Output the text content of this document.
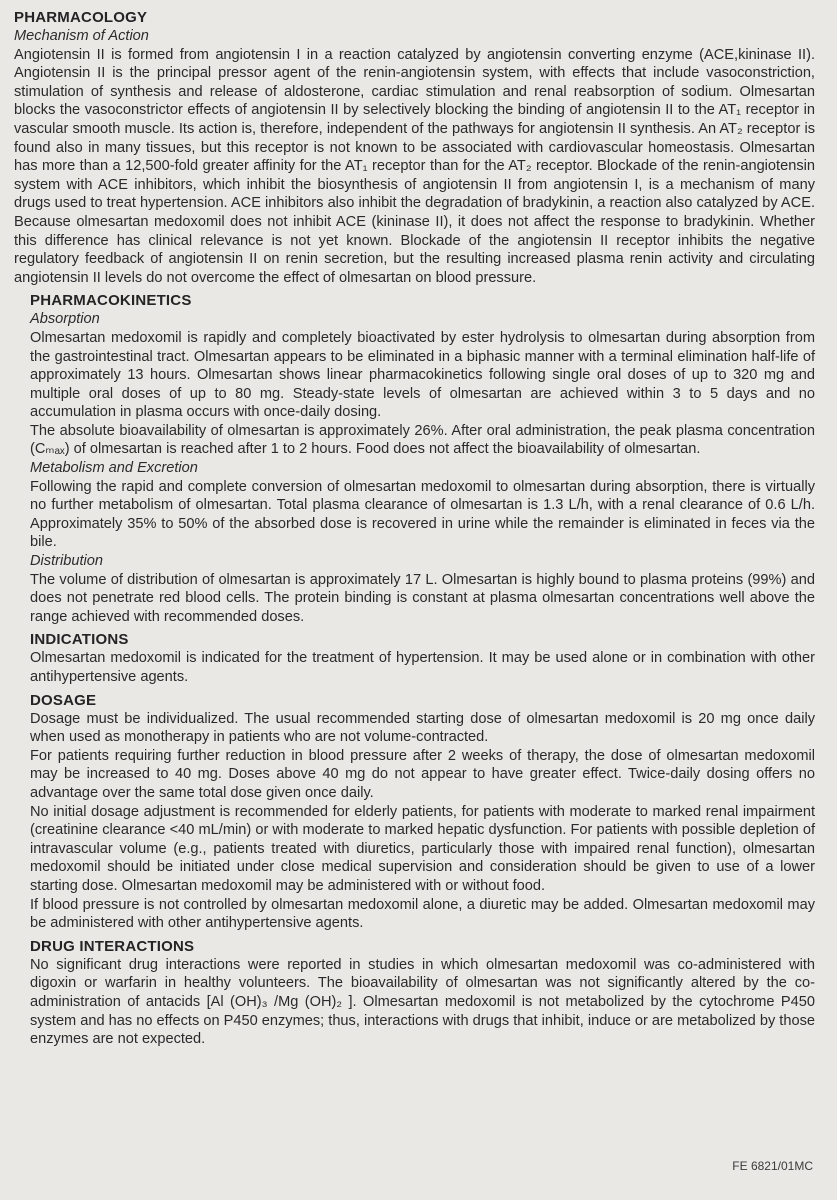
PHARMACOLOGY
Mechanism of Action

Angiotensin II is formed from angiotensin I in a reaction catalyzed by angiotensin converting enzyme (ACE,kininase II). Angiotensin II is the principal pressor agent of the renin-angiotensin system, with effects that include vasoconstriction, stimulation of synthesis and release of aldosterone, cardiac stimulation and renal reabsorption of sodium. Olmesartan blocks the vasoconstrictor effects of angiotensin II by selectively blocking the binding of angiotensin II to the AT₁ receptor in vascular smooth muscle. Its action is, therefore, independent of the pathways for angiotensin II synthesis. An AT₂ receptor is found also in many tissues, but this receptor is not known to be associated with cardiovascular homeostasis. Olmesartan has more than a 12,500-fold greater affinity for the AT₁ receptor than for the AT₂ receptor. Blockade of the renin-angiotensin system with ACE inhibitors, which inhibit the biosynthesis of angiotensin II from angiotensin I, is a mechanism of many drugs used to treat hypertension. ACE inhibitors also inhibit the degradation of bradykinin, a reaction also catalyzed by ACE. Because olmesartan medoxomil does not inhibit ACE (kininase II), it does not affect the response to bradykinin. Whether this difference has clinical relevance is not yet known. Blockade of the angiotensin II receptor inhibits the negative regulatory feedback of angiotensin II on renin secretion, but the resulting increased plasma renin activity and circulating angiotensin II levels do not overcome the effect of olmesartan on blood pressure.

PHARMACOKINETICS
Absorption

Olmesartan medoxomil is rapidly and completely bioactivated by ester hydrolysis to olmesartan during absorption from the gastrointestinal tract. Olmesartan appears to be eliminated in a biphasic manner with a terminal elimination half-life of approximately 13 hours. Olmesartan shows linear pharmacokinetics following single oral doses of up to 320 mg and multiple oral doses of up to 80 mg. Steady-state levels of olmesartan are achieved within 3 to 5 days and no accumulation in plasma occurs with once-daily dosing.

The absolute bioavailability of olmesartan is approximately 26%. After oral administration, the peak plasma concentration (Cₘₐₓ) of olmesartan is reached after 1 to 2 hours. Food does not affect the bioavailability of olmesartan.

Metabolism and Excretion

Following the rapid and complete conversion of olmesartan medoxomil to olmesartan during absorption, there is virtually no further metabolism of olmesartan. Total plasma clearance of olmesartan is 1.3 L/h, with a renal clearance of 0.6 L/h. Approximately 35% to 50% of the absorbed dose is recovered in urine while the remainder is eliminated in feces via the bile.

Distribution

The volume of distribution of olmesartan is approximately 17 L. Olmesartan is highly bound to plasma proteins (99%) and does not penetrate red blood cells. The protein binding is constant at plasma olmesartan concentrations well above the range achieved with recommended doses.

INDICATIONS

Olmesartan medoxomil is indicated for the treatment of hypertension. It may be used alone or in combination with other antihypertensive agents.

DOSAGE

Dosage must be individualized. The usual recommended starting dose of olmesartan medoxomil is 20 mg once daily when used as monotherapy in patients who are not volume-contracted.

For patients requiring further reduction in blood pressure after 2 weeks of therapy, the dose of olmesartan medoxomil may be increased to 40 mg. Doses above 40 mg do not appear to have greater effect. Twice-daily dosing offers no advantage over the same total dose given once daily.

No initial dosage adjustment is recommended for elderly patients, for patients with moderate to marked renal impairment (creatinine clearance <40 mL/min) or with moderate to marked hepatic dysfunction. For patients with possible depletion of intravascular volume (e.g., patients treated with diuretics, particularly those with impaired renal function), olmesartan medoxomil should be initiated under close medical supervision and consideration should be given to use of a lower starting dose. Olmesartan medoxomil may be administered with or without food.

If blood pressure is not controlled by olmesartan medoxomil alone, a diuretic may be added. Olmesartan medoxomil may be administered with other antihypertensive agents.

DRUG INTERACTIONS

No significant drug interactions were reported in studies in which olmesartan medoxomil was co-administered with digoxin or warfarin in healthy volunteers. The bioavailability of olmesartan was not significantly altered by the co-administration of antacids [Al (OH)₃ /Mg (OH)₂ ]. Olmesartan medoxomil is not metabolized by the cytochrome P450 system and has no effects on P450 enzymes; thus, interactions with drugs that inhibit, induce or are metabolized by those enzymes are not expected.

FE 6821/01MC
